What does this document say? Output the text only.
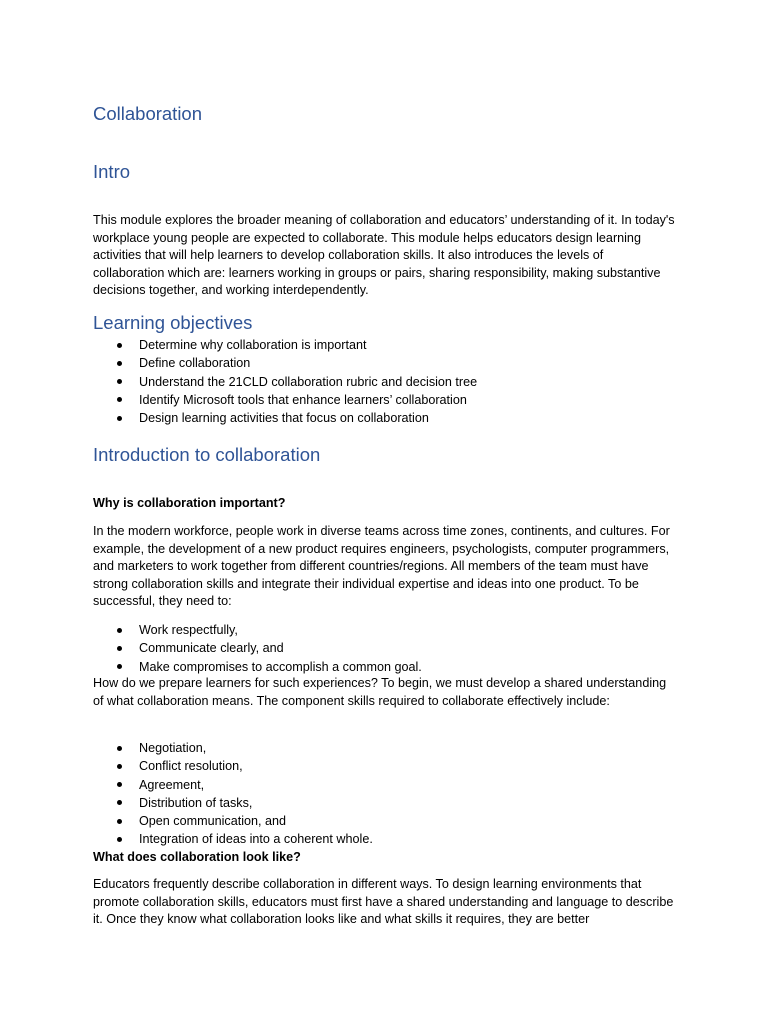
Collaboration
Intro

This module explores the broader meaning of collaboration and educators’ understanding of it. In today's workplace young people are expected to collaborate. This module helps educators design learning activities that will help learners to develop collaboration skills. It also introduces the levels of collaboration which are: learners working in groups or pairs, sharing responsibility, making substantive decisions together, and working interdependently.

Learning objectives
Determine why collaboration is important
Define collaboration
Understand the 21CLD collaboration rubric and decision tree
Identify Microsoft tools that enhance learners’ collaboration
Design learning activities that focus on collaboration
Introduction to collaboration

Why is collaboration important?

In the modern workforce, people work in diverse teams across time zones, continents, and cultures. For example, the development of a new product requires engineers, psychologists, computer programmers, and marketers to work together from different countries/regions. All members of the team must have strong collaboration skills and integrate their individual expertise and ideas into one product. To be successful, they need to:

Work respectfully,
Communicate clearly, and
Make compromises to accomplish a common goal.

How do we prepare learners for such experiences? To begin, we must develop a shared understanding of what collaboration means. The component skills required to collaborate effectively include:

Negotiation,
Conflict resolution,
Agreement,
Distribution of tasks,
Open communication, and
Integration of ideas into a coherent whole.

What does collaboration look like?

Educators frequently describe collaboration in different ways. To design learning environments that promote collaboration skills, educators must first have a shared understanding and language to describe it. Once they know what collaboration looks like and what skills it requires, they are better
